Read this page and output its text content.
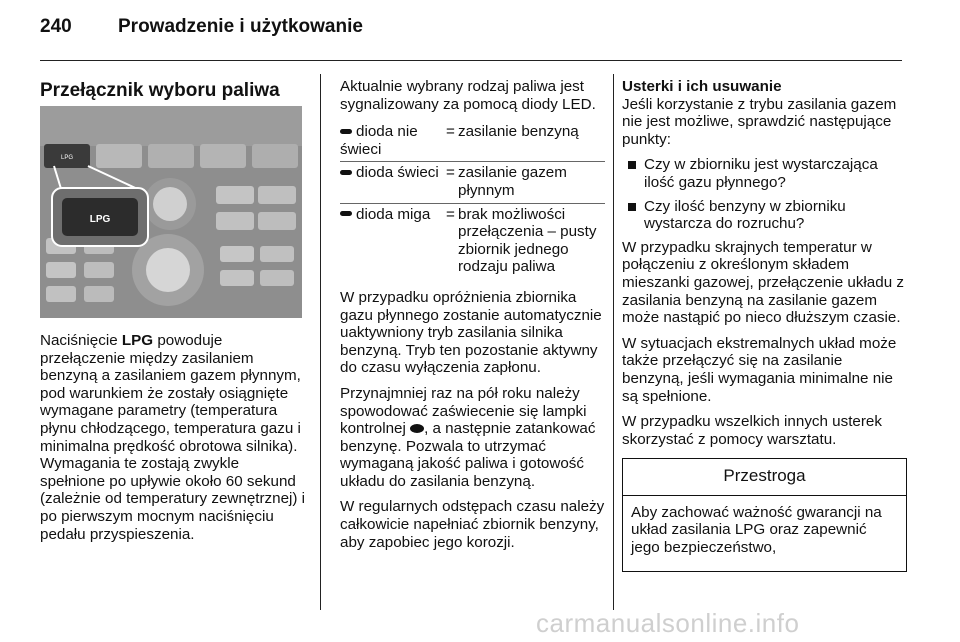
240 Prowadzenie i użytkowanie
Przełącznik wyboru paliwa
LPG
LPG

Naciśnięcie LPG powoduje przełączenie między zasilaniem benzyną a zasilaniem gazem płynnym, pod warunkiem że zostały osiągnięte wymagane parametry (temperatura płynu chłodzącego, temperatura gazu i minimalna prędkość obrotowa silnika). Wymagania te zostają zwykle spełnione po upływie około 60 sekund (zależnie od temperatury zewnętrznej) i po pierwszym mocnym naciśnięciu pedału przyspieszenia.

Aktualnie wybrany rodzaj paliwa jest sygnalizowany za pomocą diody LED.

dioda nie świeci
= zasilanie benzyną
dioda świeci = zasilanie gazem płynnym
dioda miga	= brak możliwości przełączenia – pusty zbiornik jednego rodzaju paliwa

W przypadku opróżnienia zbiornika gazu płynnego zostanie automatycznie uaktywniony tryb zasilania silnika benzyną. Tryb ten pozostanie aktywny do czasu wyłączenia zapłonu.

Przynajmniej raz na pół roku należy spowodować zaświecenie się lampki kontrolnej , a następnie zatankować benzynę. Pozwala to utrzymać wymaganą jakość paliwa i gotowość układu do zasilania benzyną.

W regularnych odstępach czasu należy całkowicie napełniać zbiornik benzyny, aby zapobiec jego korozji.

Usterki i ich usuwanie

Jeśli korzystanie z trybu zasilania gazem nie jest możliwe, sprawdzić następujące punkty:

Czy w zbiorniku jest wystarczająca ilość gazu płynnego?
Czy ilość benzyny w zbiorniku wystarcza do rozruchu?

W przypadku skrajnych temperatur w połączeniu z określonym składem mieszanki gazowej, przełączenie układu z zasilania benzyną na zasilanie gazem może nastąpić po nieco dłuższym czasie.

W sytuacjach ekstremalnych układ może także przełączyć się na zasilanie benzyną, jeśli wymagania minimalne nie są spełnione.

W przypadku wszelkich innych usterek skorzystać z pomocy warsztatu.

Przestroga
Aby zachować ważność gwarancji na układ zasilania LPG oraz zapewnić jego bezpieczeństwo,
carmanualsonline.info
